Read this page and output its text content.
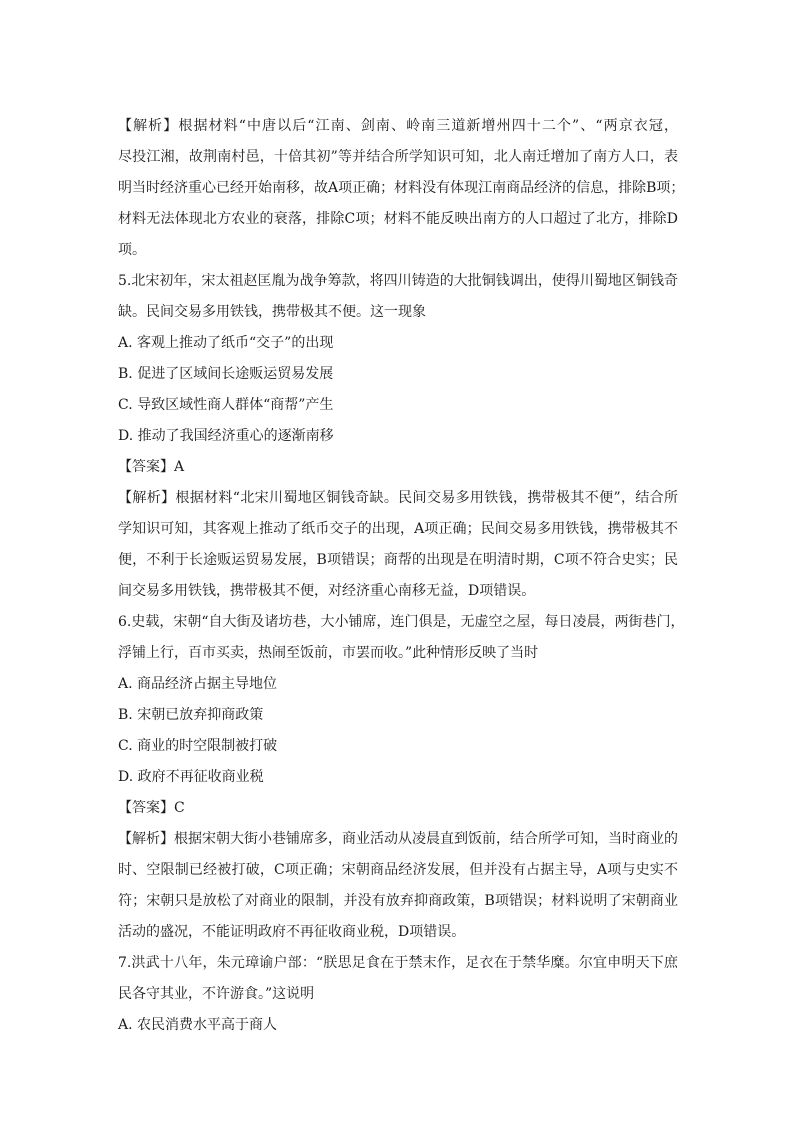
【解析】根据材料“中唐以后“江南、剑南、岭南三道新增州四十二个”、“两京衣冠，
尽投江湘，故荆南村邑，十倍其初”等并结合所学知识可知，北人南迁增加了南方人口，表
明当时经济重心已经开始南移，故A项正确；材料没有体现江南商品经济的信息，排除B项；
材料无法体现北方农业的衰落，排除C项；材料不能反映出南方的人口超过了北方，排除D
项。
5.北宋初年，宋太祖赵匡胤为战争筹款，将四川铸造的大批铜钱调出，使得川蜀地区铜钱奇
缺。民间交易多用铁钱，携带极其不便。这一现象
A. 客观上推动了纸币“交子”的出现
B. 促进了区域间长途贩运贸易发展
C. 导致区域性商人群体“商帮”产生
D. 推动了我国经济重心的逐渐南移
【答案】A
【解析】根据材料“北宋川蜀地区铜钱奇缺。民间交易多用铁钱，携带极其不便”，结合所
学知识可知，其客观上推动了纸币交子的出现，A项正确；民间交易多用铁钱，携带极其不
便，不利于长途贩运贸易发展，B项错误；商帮的出现是在明清时期，C项不符合史实；民
间交易多用铁钱，携带极其不便，对经济重心南移无益，D项错误。
6.史载，宋朝“自大街及诸坊巷，大小铺席，连门俱是，无虚空之屋，每日凌晨，两街巷门，
浮铺上行，百市买卖，热闹至饭前，市罢而收。”此种情形反映了当时
A. 商品经济占据主导地位
B. 宋朝已放弃抑商政策
C. 商业的时空限制被打破
D. 政府不再征收商业税
【答案】C
【解析】根据宋朝大街小巷铺席多，商业活动从凌晨直到饭前，结合所学可知，当时商业的
时、空限制已经被打破，C项正确；宋朝商品经济发展，但并没有占据主导，A项与史实不
符；宋朝只是放松了对商业的限制，并没有放弃抑商政策，B项错误；材料说明了宋朝商业
活动的盛况，不能证明政府不再征收商业税，D项错误。
7.洪武十八年，朱元璋谕户部：“朕思足食在于禁末作，足衣在于禁华糜。尔宜申明天下庶
民各守其业，不许游食。”这说明
A. 农民消费水平高于商人
